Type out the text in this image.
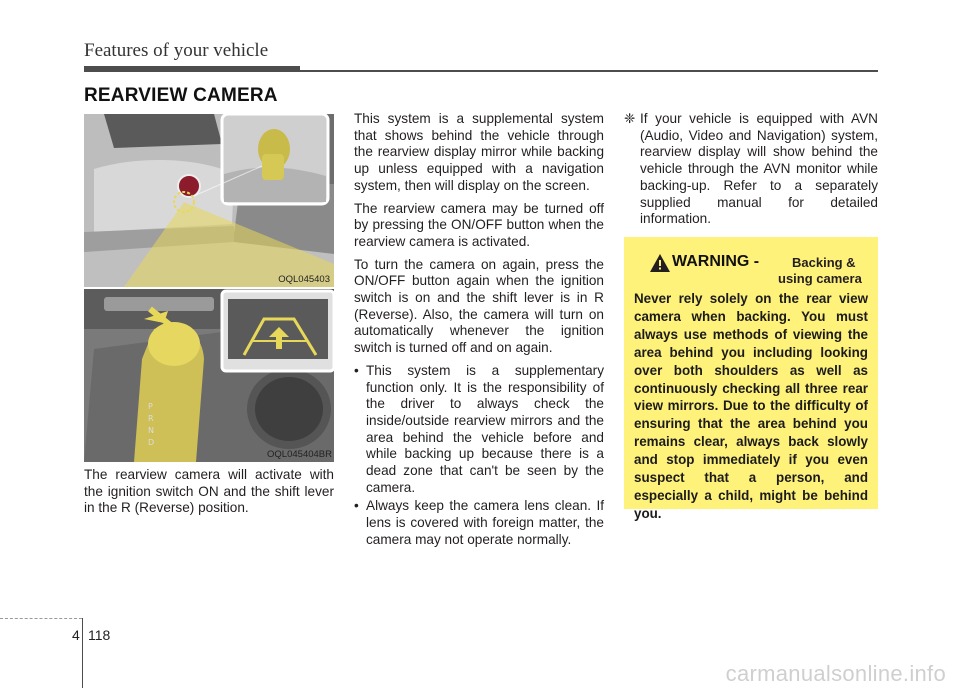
Features of your vehicle
REARVIEW CAMERA
OQL045403
P
R
N
D
OQL045404BR

The rearview camera will activate with the ignition switch ON and the shift lever in the R (Reverse) position.

This system is a supplemental system that shows behind the vehicle through the rearview display mirror while backing up unless equipped with a navigation system, then will display on the screen.

The rearview camera may be turned off by pressing the ON/OFF button when the rearview camera is activated.

To turn the camera on again, press the ON/OFF button again when the ignition switch is on and the shift lever is in R (Reverse). Also, the camera will turn on automatically whenever the ignition switch is turned off and on again.

• This system is a supplementary function only. It is the responsibility of the driver to always check the inside/outside rearview mirrors and the area behind the vehicle before and while backing up because there is a dead zone that can't be seen by the camera.
• Always keep the camera lens clean. If lens is covered with foreign matter, the camera may not operate normally.
❈ If your vehicle is equipped with AVN (Audio, Video and Navigation) system, rearview display will show behind the vehicle through the AVN monitor while backing-up. Refer to a separately supplied manual for detailed information.
WARNING -	Backing &
using camera
Never rely solely on the rear view camera when backing. You must always use methods of viewing the area behind you including looking over both shoulders as well as continuously checking all three rear view mirrors. Due to the difficulty of ensuring that the area behind you remains clear, always back slowly and stop immediately if you even suspect that a person, and especially a child, might be behind you.
4 118
carmanualsonline.info
